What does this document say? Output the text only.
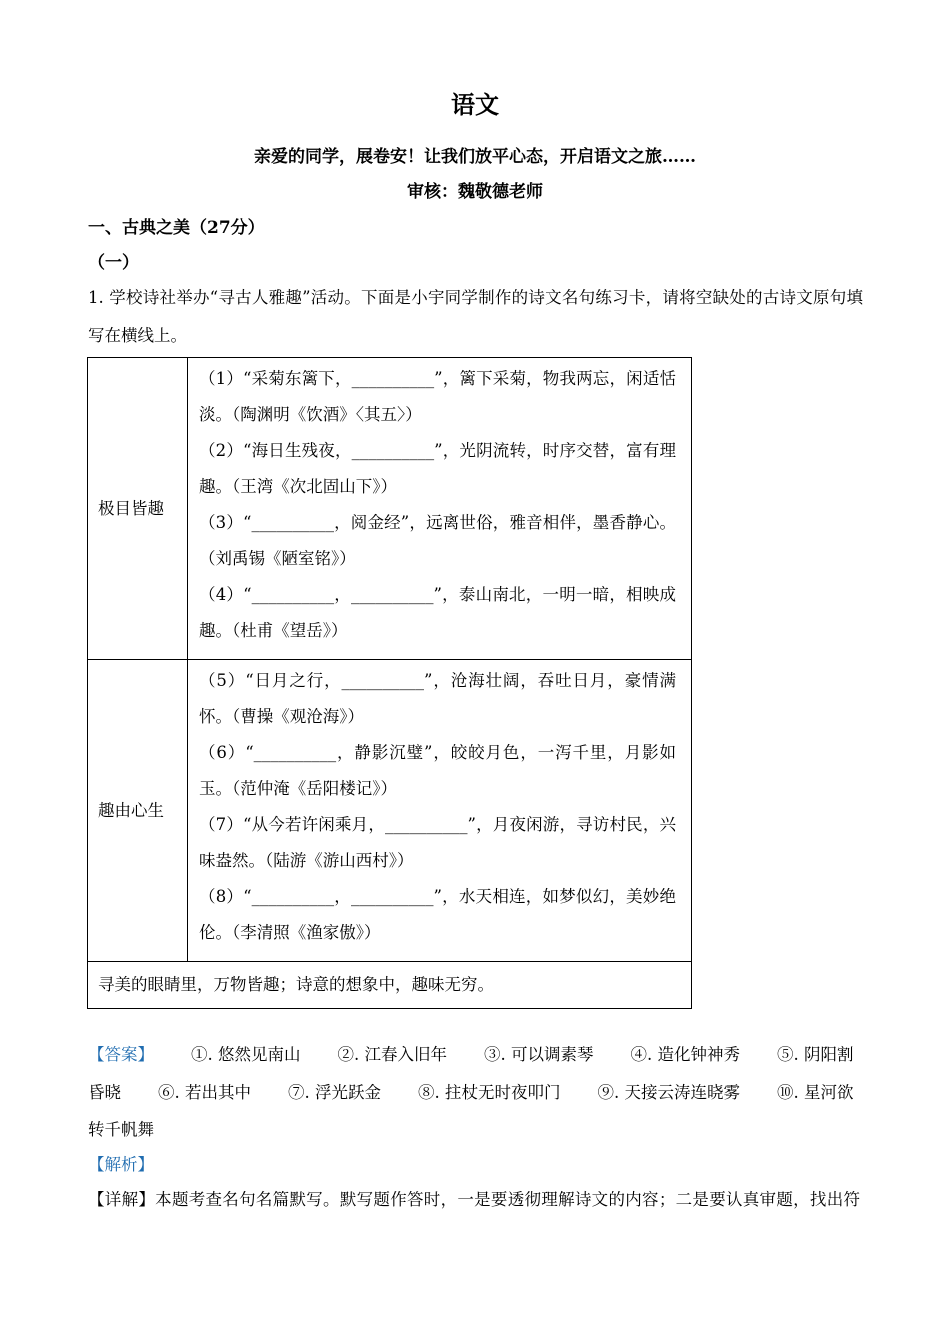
语文
亲爱的同学，展卷安！让我们放平心态，开启语文之旅……
审核：魏敬德老师
一、古典之美（27分）
（一）
1. 学校诗社举办“寻古人雅趣”活动。下面是小宇同学制作的诗文名句练习卡，请将空缺处的古诗文原句填写在横线上。
极目皆趣	（1）“采菊东篱下，__________”，篱下采菊，物我两忘，闲适恬淡。（陶渊明《饮酒》〈其五〉）
（2）“海日生残夜，__________”，光阴流转，时序交替，富有理趣。（王湾《次北固山下》）
（3）“__________，阅金经”，远离世俗，雅音相伴，墨香静心。（刘禹锡《陋室铭》）
（4）“__________，__________”，泰山南北，一明一暗，相映成趣。（杜甫《望岳》）

趣由心生	（5）“日月之行，__________”，沧海壮阔，吞吐日月，豪情满怀。（曹操《观沧海》）
（6）“__________，静影沉璧”，皎皎月色，一泻千里，月影如玉。（范仲淹《岳阳楼记》）
（7）“从今若许闲乘月，__________”，月夜闲游，寻访村民，兴味盎然。（陆游《游山西村》）
（8）“__________，__________”，水天相连，如梦似幻，美妙绝伦。（李清照《渔家傲》）

寻美的眼睛里，万物皆趣；诗意的想象中，趣味无穷。	
【答案】 ①. 悠然见南山 ②. 江春入旧年 ③. 可以调素琴 ④. 造化钟神秀 ⑤. 阴阳割昏晓 ⑥. 若出其中 ⑦. 浮光跃金 ⑧. 拄杖无时夜叩门 ⑨. 天接云涛连晓雾 ⑩. 星河欲转千帆舞
【解析】
【详解】本题考查名句名篇默写。默写题作答时，一是要透彻理解诗文的内容；二是要认真审题，找出符
